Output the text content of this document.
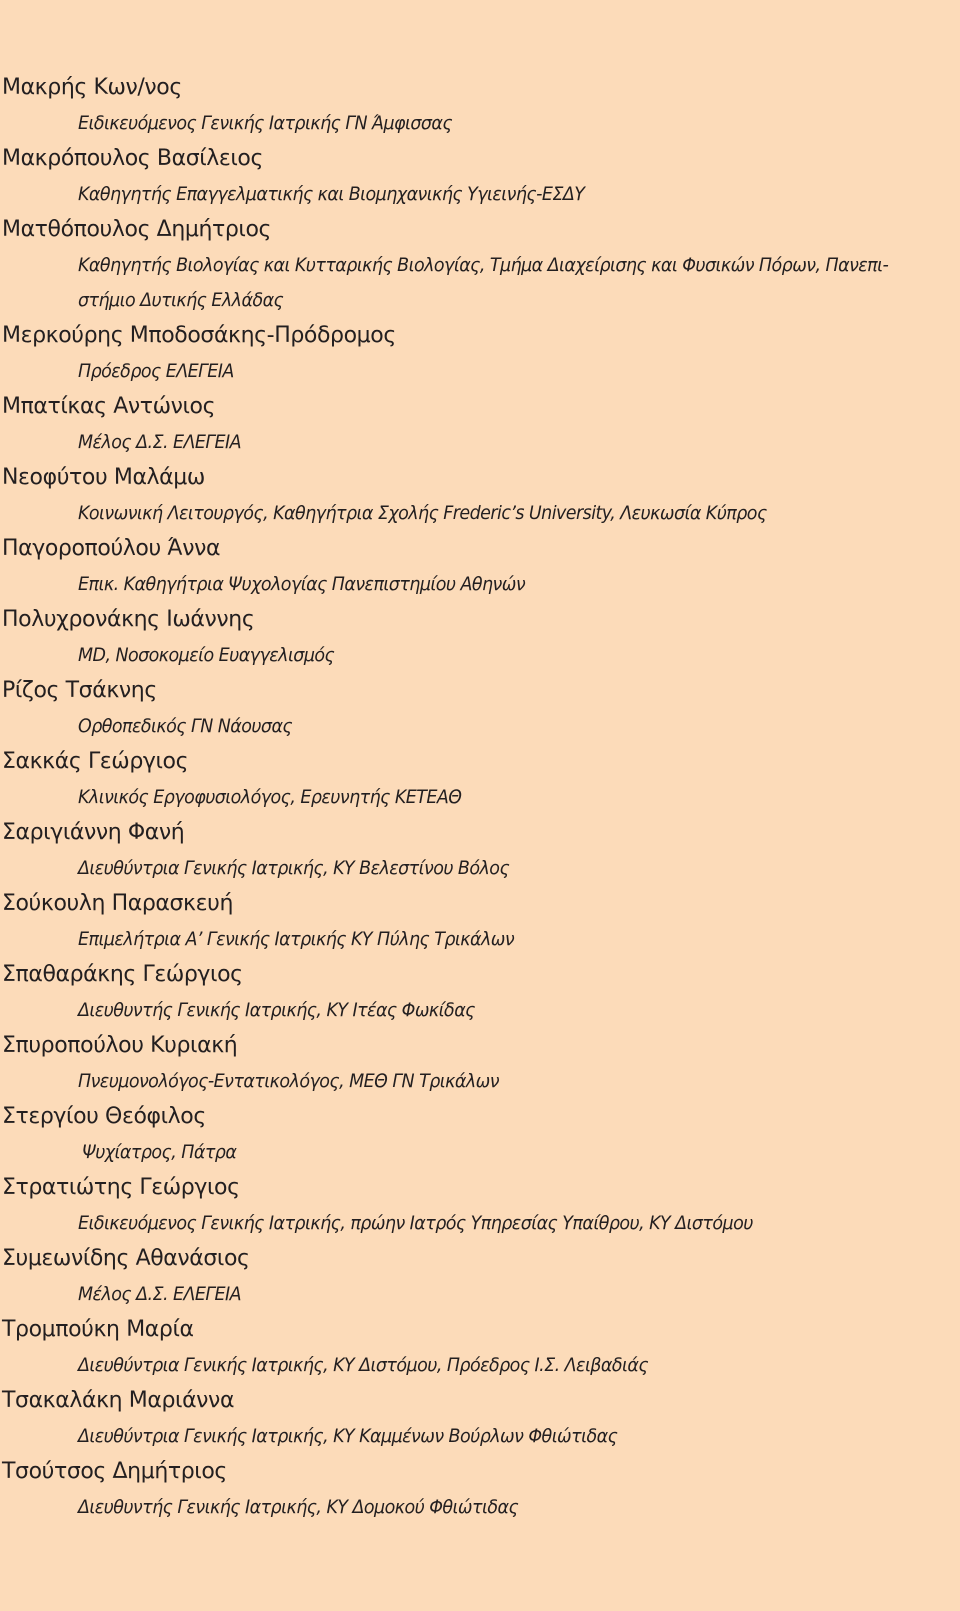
Μακρής Κων/νος
Ειδικευόμενος Γενικής Ιατρικής ΓΝ Άμφισσας
Μακρόπουλος Βασίλειος
Καθηγητής Επαγγελματικής και Βιομηχανικής Υγιεινής-ΕΣΔΥ
Ματθόπουλος Δημήτριος
Καθηγητής Βιολογίας και Κυτταρικής Βιολογίας, Τμήμα Διαχείρισης και Φυσικών Πόρων, Πανεπι-
στήμιο Δυτικής Ελλάδας
Μερκούρης Μποδοσάκης-Πρόδρομος
Πρόεδρος ΕΛΕΓΕΙΑ
Μπατίκας Αντώνιος
Μέλος Δ.Σ. ΕΛΕΓΕΙΑ
Νεοφύτου Μαλάμω
Κοινωνική Λειτουργός, Καθηγήτρια Σχολής Frederic’s University, Λευκωσία Κύπρος
Παγοροπούλου Άννα
Επικ. Καθηγήτρια Ψυχολογίας Πανεπιστημίου Αθηνών
Πολυχρονάκης Ιωάννης
MD, Νοσοκομείο Ευαγγελισμός
Ρίζος Τσάκνης
Ορθοπεδικός ΓΝ Νάουσας
Σακκάς Γεώργιος
Κλινικός Εργοφυσιολόγος, Ερευνητής ΚΕΤΕΑΘ
Σαριγιάννη Φανή
Διευθύντρια Γενικής Ιατρικής, ΚΥ Βελεστίνου Βόλος
Σούκουλη Παρασκευή
Επιμελήτρια Α’ Γενικής Ιατρικής ΚΥ Πύλης Τρικάλων
Σπαθαράκης Γεώργιος
Διευθυντής Γενικής Ιατρικής, ΚΥ Ιτέας Φωκίδας
Σπυροπούλου Κυριακή
Πνευμονολόγος-Εντατικολόγος, ΜΕΘ ΓΝ Τρικάλων
Στεργίου Θεόφιλος
Ψυχίατρος, Πάτρα
Στρατιώτης Γεώργιος
Ειδικευόμενος Γενικής Ιατρικής, πρώην Ιατρός Υπηρεσίας Υπαίθρου, ΚΥ Διστόμου
Συμεωνίδης Αθανάσιος
Μέλος Δ.Σ. ΕΛΕΓΕΙΑ
Τρομπούκη Μαρία
Διευθύντρια Γενικής Ιατρικής, ΚΥ Διστόμου, Πρόεδρος Ι.Σ. Λειβαδιάς
Τσακαλάκη Μαριάννα
Διευθύντρια Γενικής Ιατρικής, ΚΥ Καμμένων Βούρλων Φθιώτιδας
Τσούτσος Δημήτριος
Διευθυντής Γενικής Ιατρικής, ΚΥ Δομοκού Φθιώτιδας
